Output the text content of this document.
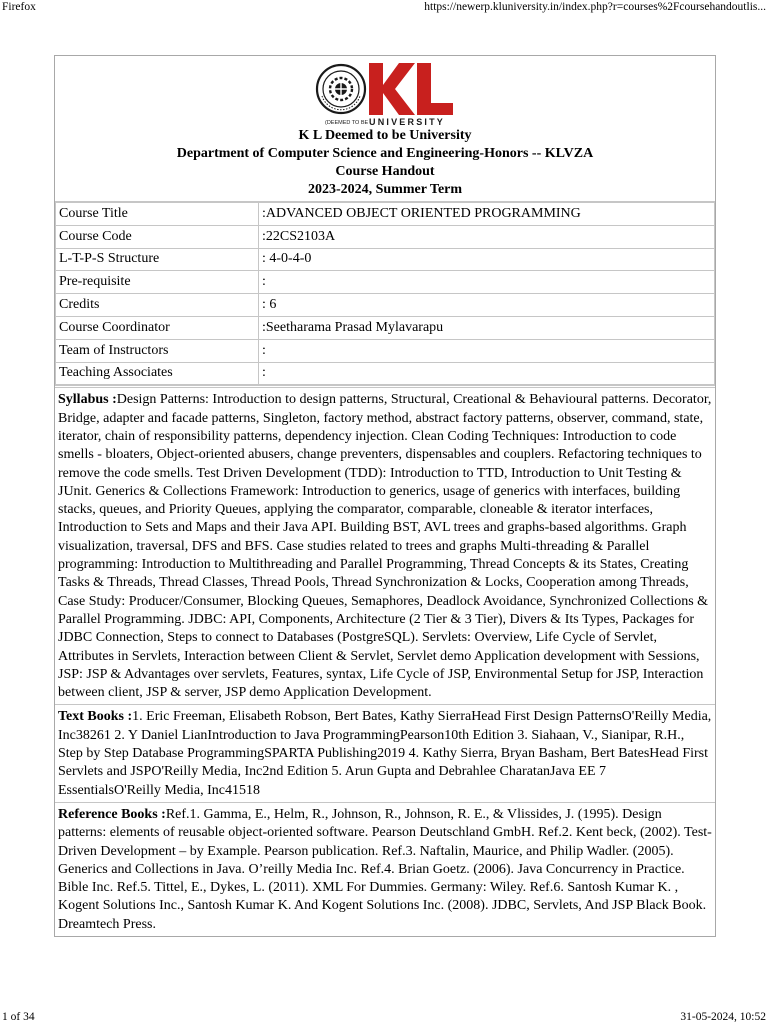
Firefox	https://newerp.kluniversity.in/index.php?r=courses%2Fcoursehandoutlis...
(DEEMED TO BE UNIVERSITY
K L Deemed to be University
Department of Computer Science and Engineering-Honors -- KLVZA
Course Handout
2023-2024, Summer Term
Course Title	:ADVANCED OBJECT ORIENTED PROGRAMMING
Course Code	:22CS2103A
L-T-P-S Structure	: 4-0-4-0
Pre-requisite	:
Credits	: 6
Course Coordinator	:Seetharama Prasad Mylavarapu
Team of Instructors	:
Teaching Associates	:
Syllabus :Design Patterns: Introduction to design patterns, Structural, Creational & Behavioural patterns. Decorator, Bridge, adapter and facade patterns, Singleton, factory method, abstract factory patterns, observer, command, state, iterator, chain of responsibility patterns, dependency injection. Clean Coding Techniques: Introduction to code smells - bloaters, Object-oriented abusers, change preventers, dispensables and couplers. Refactoring techniques to remove the code smells. Test Driven Development (TDD): Introduction to TTD, Introduction to Unit Testing & JUnit. Generics & Collections Framework: Introduction to generics, usage of generics with interfaces, building stacks, queues, and Priority Queues, applying the comparator, comparable, cloneable & iterator interfaces, Introduction to Sets and Maps and their Java API. Building BST, AVL trees and graphs-based algorithms. Graph visualization, traversal, DFS and BFS. Case studies related to trees and graphs Multi-threading & Parallel programming: Introduction to Multithreading and Parallel Programming, Thread Concepts & its States, Creating Tasks & Threads, Thread Classes, Thread Pools, Thread Synchronization & Locks, Cooperation among Threads, Case Study: Producer/Consumer, Blocking Queues, Semaphores, Deadlock Avoidance, Synchronized Collections & Parallel Programming. JDBC: API, Components, Architecture (2 Tier & 3 Tier), Divers & Its Types, Packages for JDBC Connection, Steps to connect to Databases (PostgreSQL). Servlets: Overview, Life Cycle of Servlet, Attributes in Servlets, Interaction between Client & Servlet, Servlet demo Application development with Sessions, JSP: JSP & Advantages over servlets, Features, syntax, Life Cycle of JSP, Environmental Setup for JSP, Interaction between client, JSP & server, JSP demo Application Development.
Text Books :1. Eric Freeman, Elisabeth Robson, Bert Bates, Kathy SierraHead First Design PatternsO'Reilly Media, Inc38261 2. Y Daniel LianIntroduction to Java ProgrammingPearson10th Edition 3. Siahaan, V., Sianipar, R.H., Step by Step Database ProgrammingSPARTA Publishing2019 4. Kathy Sierra, Bryan Basham, Bert BatesHead First Servlets and JSPO'Reilly Media, Inc2nd Edition 5. Arun Gupta and Debrahlee CharatanJava EE 7 EssentialsO'Reilly Media, Inc41518
Reference Books :Ref.1. Gamma, E., Helm, R., Johnson, R., Johnson, R. E., & Vlissides, J. (1995). Design patterns: elements of reusable object-oriented software. Pearson Deutschland GmbH. Ref.2. Kent beck, (2002). Test-Driven Development – by Example. Pearson publication. Ref.3. Naftalin, Maurice, and Philip Wadler. (2005). Generics and Collections in Java. O’reilly Media Inc. Ref.4. Brian Goetz. (2006). Java Concurrency in Practice. Bible Inc. Ref.5. Tittel, E., Dykes, L. (2011). XML For Dummies. Germany: Wiley. Ref.6. Santosh Kumar K. , Kogent Solutions Inc., Santosh Kumar K. And Kogent Solutions Inc. (2008). JDBC, Servlets, And JSP Black Book. Dreamtech Press.
1 of 34	31-05-2024, 10:52
